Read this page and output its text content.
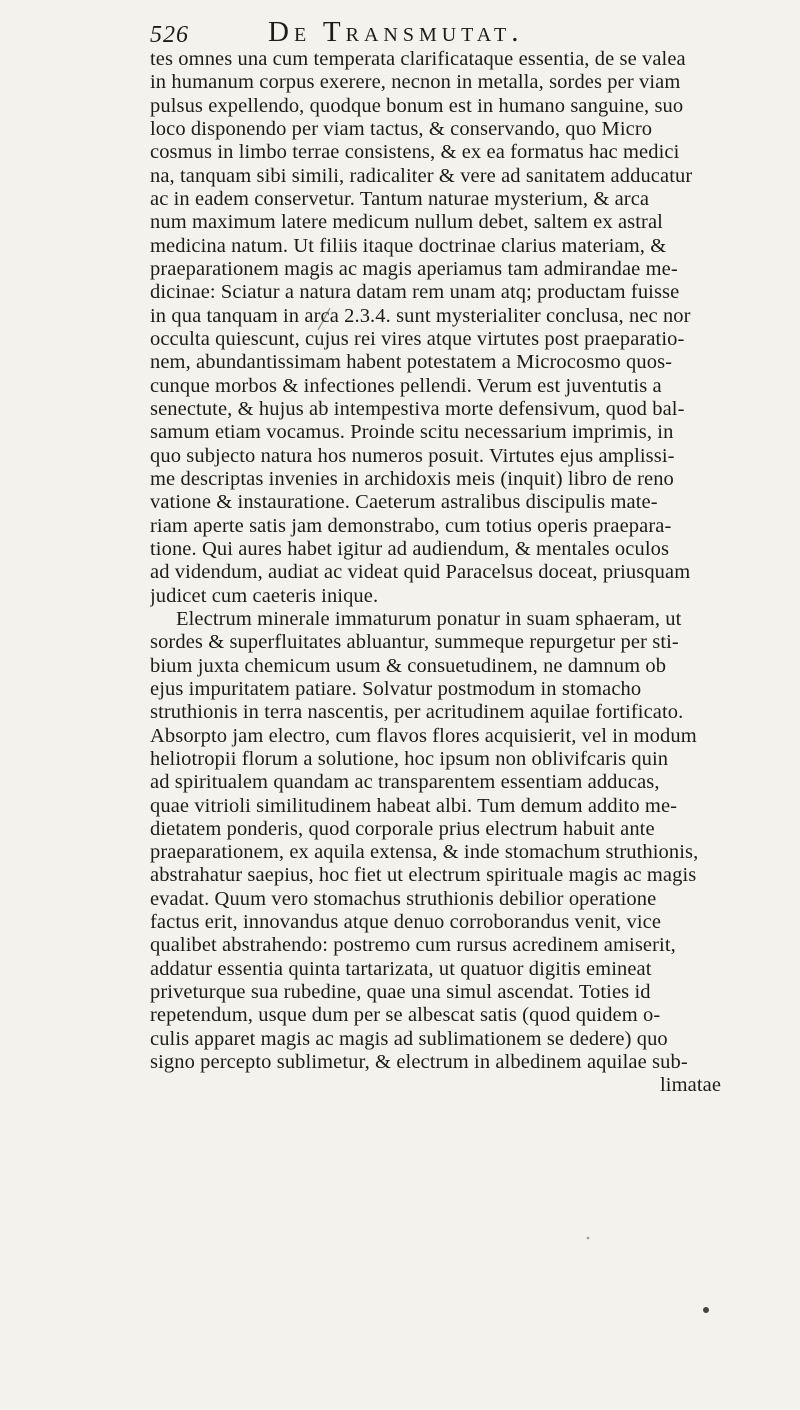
526	De Transmutat.
tes omnes una cum temperata clarificataque essentia, de se valea
in humanum corpus exerere, necnon in metalla, sordes per viam
pulsus expellendo, quodque bonum est in humano sanguine, suo
loco disponendo per viam tactus, & conservando, quo Micro
cosmus in limbo terrae consistens, & ex ea formatus hac medici
na, tanquam sibi simili, radicaliter & vere ad sanitatem adducatur
ac in eadem conservetur. Tantum naturae mysterium, & arca
num maximum latere medicum nullum debet, saltem ex astral
medicina natum. Ut filiis itaque doctrinae clarius materiam, &
praeparationem magis ac magis aperiamus tam admirandae me-
dicinae: Sciatur a natura datam rem unam atq; productam fuisse
in qua tanquam in arca 2.3.4. sunt mysterialiter conclusa, nec nor
occulta quiescunt, cujus rei vires atque virtutes post praeparatio-
nem, abundantissimam habent potestatem a Microcosmo quos-
cunque morbos & infectiones pellendi. Verum est juventutis a
senectute, & hujus ab intempestiva morte defensivum, quod bal-
samum etiam vocamus. Proinde scitu necessarium imprimis, in
quo subjecto natura hos numeros posuit. Virtutes ejus amplissi-
me descriptas invenies in archidoxis meis (inquit) libro de reno
vatione & instauratione. Caeterum astralibus discipulis mate-
riam aperte satis jam demonstrabo, cum totius operis praepara-
tione. Qui aures habet igitur ad audiendum, & mentales oculos
ad videndum, audiat ac videat quid Paracelsus doceat, priusquam
judicet cum caeteris inique.
Electrum minerale immaturum ponatur in suam sphaeram, ut
sordes & superfluitates abluantur, summeque repurgetur per sti-
bium juxta chemicum usum & consuetudinem, ne damnum ob
ejus impuritatem patiare. Solvatur postmodum in stomacho
struthionis in terra nascentis, per acritudinem aquilae fortificato.
Absorpto jam electro, cum flavos flores acquisierit, vel in modum
heliotropii florum a solutione, hoc ipsum non oblivifcaris quin
ad spiritualem quandam ac transparentem essentiam adducas,
quae vitrioli similitudinem habeat albi. Tum demum addito me-
dietatem ponderis, quod corporale prius electrum habuit ante
praeparationem, ex aquila extensa, & inde stomachum struthionis,
abstrahatur saepius, hoc fiet ut electrum spirituale magis ac magis
evadat. Quum vero stomachus struthionis debilior operatione
factus erit, innovandus atque denuo corroborandus venit, vice
qualibet abstrahendo: postremo cum rursus acredinem amiserit,
addatur essentia quinta tartarizata, ut quatuor digitis emineat
priveturque sua rubedine, quae una simul ascendat. Toties id
repetendum, usque dum per se albescat satis (quod quidem o-
culis apparet magis ac magis ad sublimationem se dedere) quo
signo percepto sublimetur, & electrum in albedinem aquilae sub-
limatae
